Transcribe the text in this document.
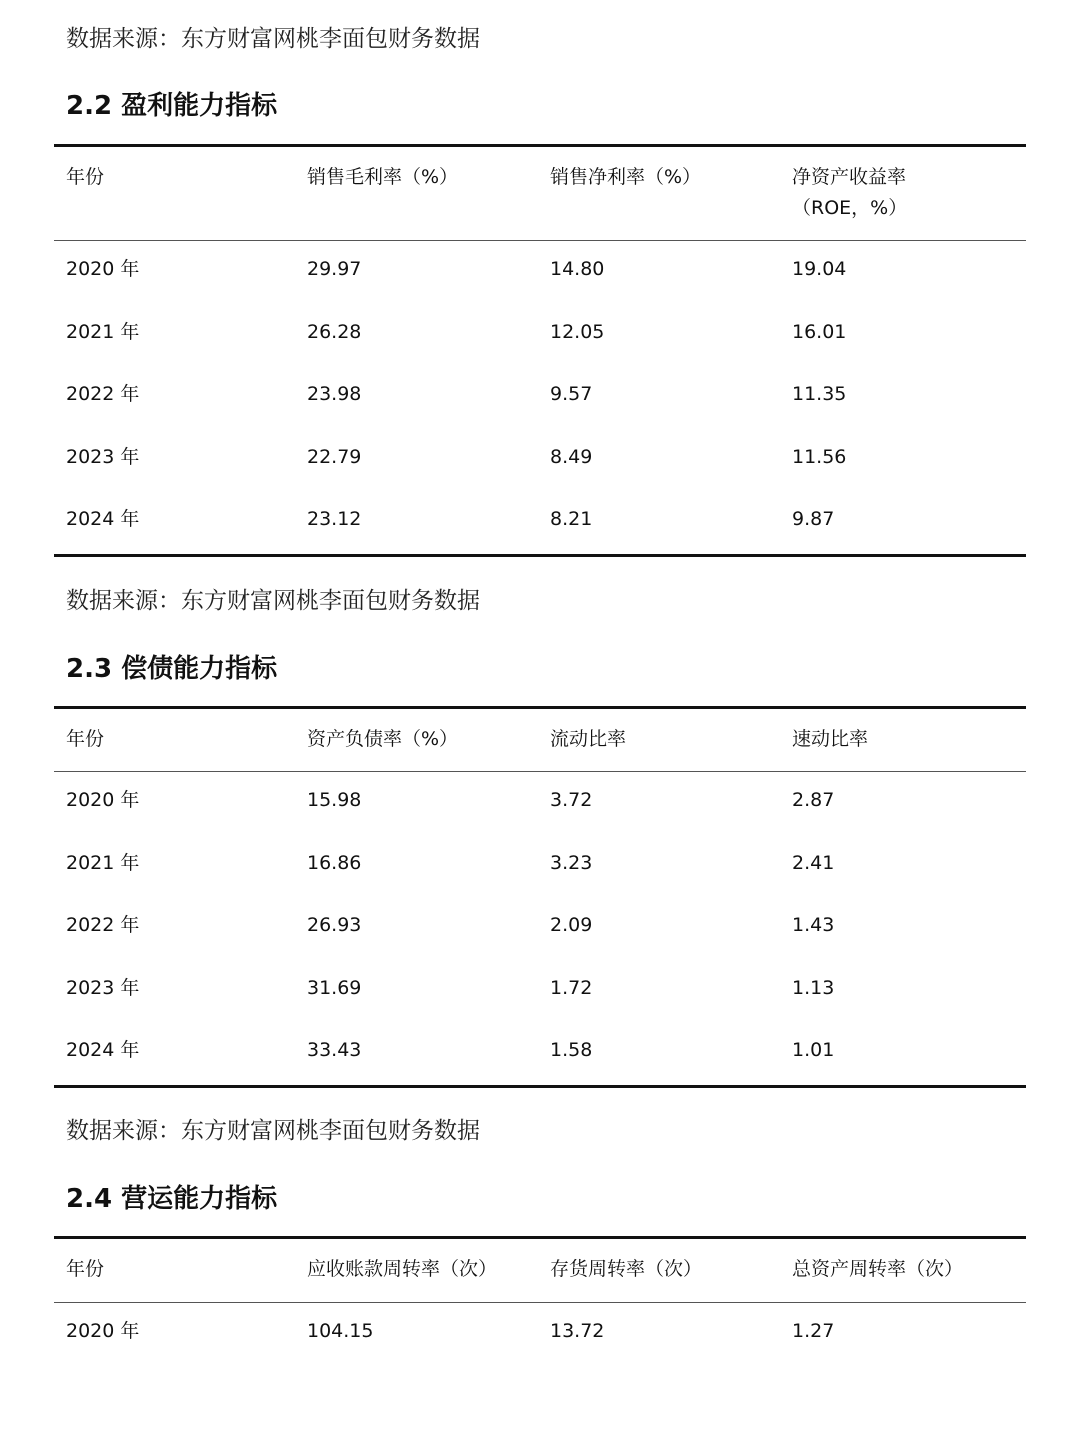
数据来源：东方财富网桃李面包财务数据
2.2 盈利能力指标
年份	销售毛利率（%）	销售净利率（%）	净资产收益率
（ROE，%）
2020 年	29.97	14.80	19.04
2021 年	26.28	12.05	16.01
2022 年	23.98	9.57	11.35
2023 年	22.79	8.49	11.56
2024 年	23.12	8.21	9.87
数据来源：东方财富网桃李面包财务数据
2.3 偿债能力指标
年份	资产负债率（%）	流动比率	速动比率
2020 年	15.98	3.72	2.87
2021 年	16.86	3.23	2.41
2022 年	26.93	2.09	1.43
2023 年	31.69	1.72	1.13
2024 年	33.43	1.58	1.01
数据来源：东方财富网桃李面包财务数据
2.4 营运能力指标
年份	应收账款周转率（次）	存货周转率（次）	总资产周转率（次）
2020 年	104.15	13.72	1.27
